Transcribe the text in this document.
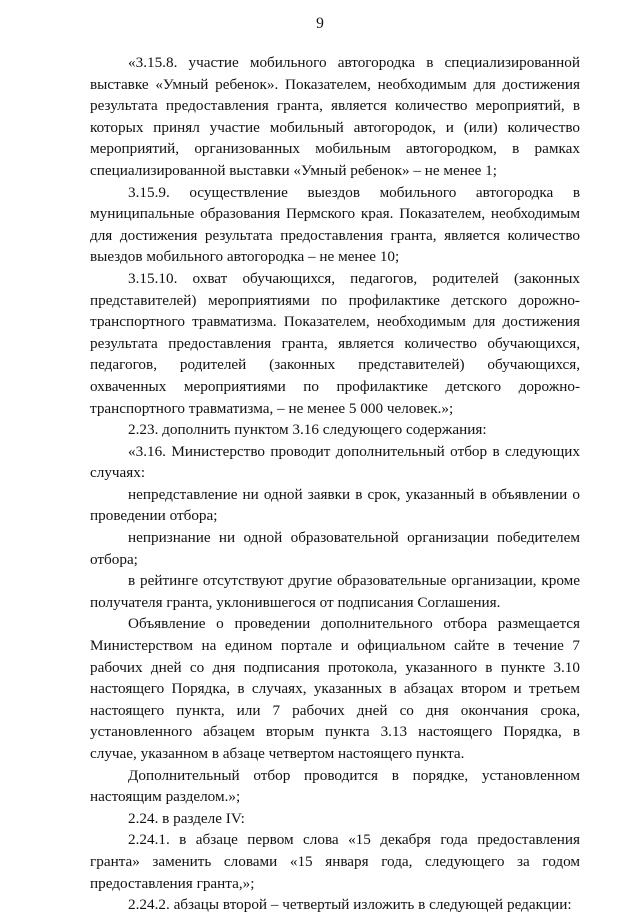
9

«3.15.8. участие мобильного автогородка в специализированной выставке «Умный ребенок». Показателем, необходимым для достижения результата предоставления гранта, является количество мероприятий, в которых принял участие мобильный автогородок, и (или) количество мероприятий, организованных мобильным автогородком, в рамках специализированной выставки «Умный ребенок» – не менее 1;

3.15.9. осуществление выездов мобильного автогородка в муниципальные образования Пермского края. Показателем, необходимым для достижения результата предоставления гранта, является количество выездов мобильного автогородка – не менее 10;

3.15.10. охват обучающихся, педагогов, родителей (законных представителей) мероприятиями по профилактике детского дорожно-транспортного травматизма. Показателем, необходимым для достижения результата предоставления гранта, является количество обучающихся, педагогов, родителей (законных представителей) обучающихся, охваченных мероприятиями по профилактике детского дорожно-транспортного травматизма, – не менее 5 000 человек.»;

2.23. дополнить пунктом 3.16 следующего содержания:

«3.16. Министерство проводит дополнительный отбор в следующих случаях:

непредставление ни одной заявки в срок, указанный в объявлении о проведении отбора;

непризнание ни одной образовательной организации победителем отбора;

в рейтинге отсутствуют другие образовательные организации, кроме получателя гранта, уклонившегося от подписания Соглашения.

Объявление о проведении дополнительного отбора размещается Министерством на едином портале и официальном сайте в течение 7 рабочих дней со дня подписания протокола, указанного в пункте 3.10 настоящего Порядка, в случаях, указанных в абзацах втором и третьем настоящего пункта, или 7 рабочих дней со дня окончания срока, установленного абзацем вторым пункта 3.13 настоящего Порядка, в случае, указанном в абзаце четвертом настоящего пункта.

Дополнительный отбор проводится в порядке, установленном настоящим разделом.»;

2.24. в разделе IV:

2.24.1. в абзаце первом слова «15 декабря года предоставления гранта» заменить словами «15 января года, следующего за годом предоставления гранта,»;

2.24.2. абзацы второй – четвертый изложить в следующей редакции:
